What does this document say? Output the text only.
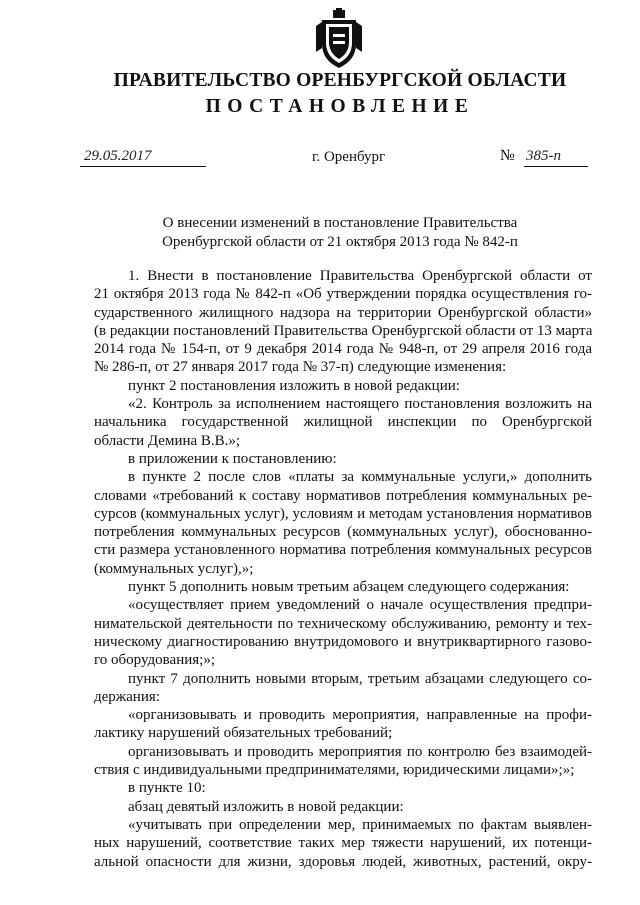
ПРАВИТЕЛЬСТВО ОРЕНБУРГСКОЙ ОБЛАСТИ
ПОСТАНОВЛЕНИЕ
29.05.2017	г. Оренбург	№ 385-п
О внесении изменений в постановление Правительства
Оренбургской области от 21 октября 2013 года № 842-п
1. Внести в постановление Правительства Оренбургской области от
21 октября 2013 года № 842-п «Об утверждении порядка осуществления го-
сударственного жилищного надзора на территории Оренбургской области»
(в редакции постановлений Правительства Оренбургской области от 13 марта
2014 года № 154-п, от 9 декабря 2014 года № 948-п, от 29 апреля 2016 года
№ 286-п, от 27 января 2017 года № 37-п) следующие изменения:
пункт 2 постановления изложить в новой редакции:
«2. Контроль за исполнением настоящего постановления возложить на
начальника государственной жилищной инспекции по Оренбургской
области Демина В.В.»;
в приложении к постановлению:
в пункте 2 после слов «платы за коммунальные услуги,» дополнить
словами «требований к составу нормативов потребления коммунальных ре-
сурсов (коммунальных услуг), условиям и методам установления нормативов
потребления коммунальных ресурсов (коммунальных услуг), обоснованно-
сти размера установленного норматива потребления коммунальных ресурсов
(коммунальных услуг),»;
пункт 5 дополнить новым третьим абзацем следующего содержания:
«осуществляет прием уведомлений о начале осуществления предпри-
нимательской деятельности по техническому обслуживанию, ремонту и тех-
ническому диагностированию внутридомового и внутриквартирного газово-
го оборудования;»;
пункт 7 дополнить новыми вторым, третьим абзацами следующего со-
держания:
«организовывать и проводить мероприятия, направленные на профи-
лактику нарушений обязательных требований;
организовывать и проводить мероприятия по контролю без взаимодей-
ствия с индивидуальными предпринимателями, юридическими лицами»;»;
в пункте 10:
абзац девятый изложить в новой редакции:
«учитывать при определении мер, принимаемых по фактам выявлен-
ных нарушений, соответствие таких мер тяжести нарушений, их потенци-
альной опасности для жизни, здоровья людей, животных, растений, окру-
